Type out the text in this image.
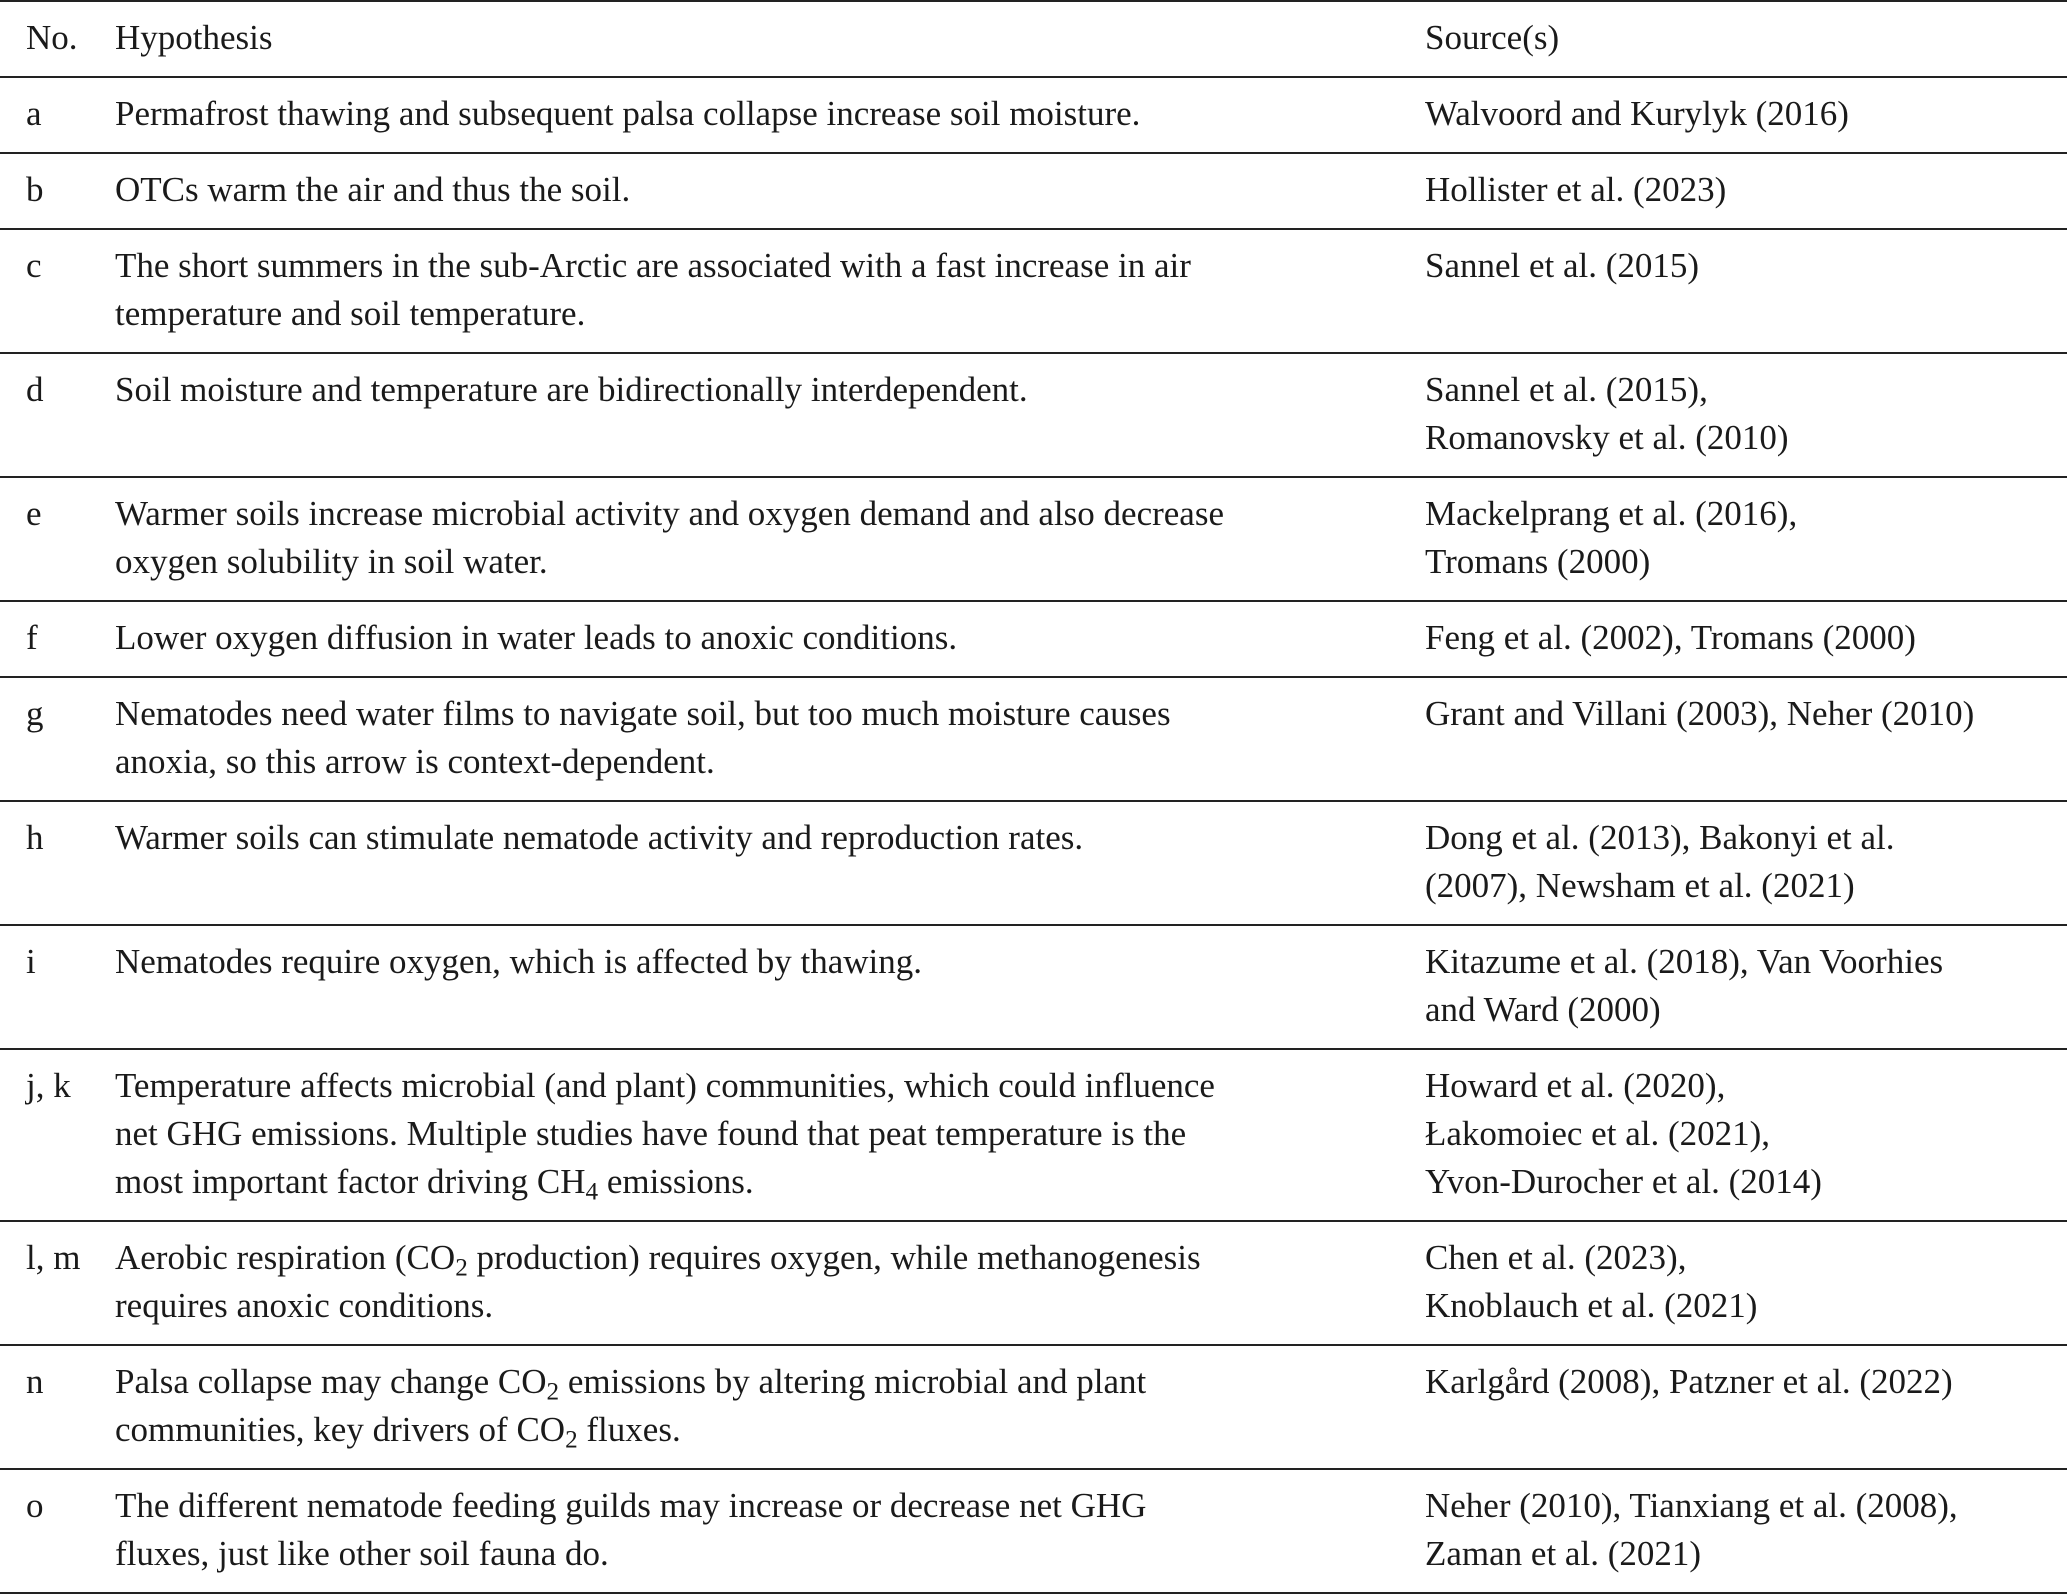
No.	Hypothesis	Source(s)
a	Permafrost thawing and subsequent palsa collapse increase soil moisture.	Walvoord and Kurylyk (2016)

b	OTCs warm the air and thus the soil.	Hollister et al. (2023)

c	The short summers in the sub-Arctic are associated with a fast increase in air
temperature and soil temperature.	Sannel et al. (2015)

d	Soil moisture and temperature are bidirectionally interdependent.	Sannel et al. (2015),
Romanovsky et al. (2010)

e	Warmer soils increase microbial activity and oxygen demand and also decrease
oxygen solubility in soil water.	Mackelprang et al. (2016),
Tromans (2000)

f	Lower oxygen diffusion in water leads to anoxic conditions.	Feng et al. (2002), Tromans (2000)

g	Nematodes need water films to navigate soil, but too much moisture causes
anoxia, so this arrow is context-dependent.	Grant and Villani (2003), Neher (2010)

h	Warmer soils can stimulate nematode activity and reproduction rates.	Dong et al. (2013), Bakonyi et al.
(2007), Newsham et al. (2021)

i	Nematodes require oxygen, which is affected by thawing.	Kitazume et al. (2018), Van Voorhies
and Ward (2000)

j, k	Temperature affects microbial (and plant) communities, which could influence
net GHG emissions. Multiple studies have found that peat temperature is the
most important factor driving $CH_4$ emissions.	Howard et al. (2020),
Łakomoiec et al. (2021),
Yvon-Durocher et al. (2014)

l, m	Aerobic respiration ($CO_2$ production) requires oxygen, while methanogenesis
requires anoxic conditions.	Chen et al. (2023),
Knoblauch et al. (2021)

n	Palsa collapse may change $CO_2$ emissions by altering microbial and plant
communities, key drivers of $CO_2$ fluxes.	Karlgård (2008), Patzner et al. (2022)

o	The different nematode feeding guilds may increase or decrease net GHG
fluxes, just like other soil fauna do.	Neher (2010), Tianxiang et al. (2008),
Zaman et al. (2021)
